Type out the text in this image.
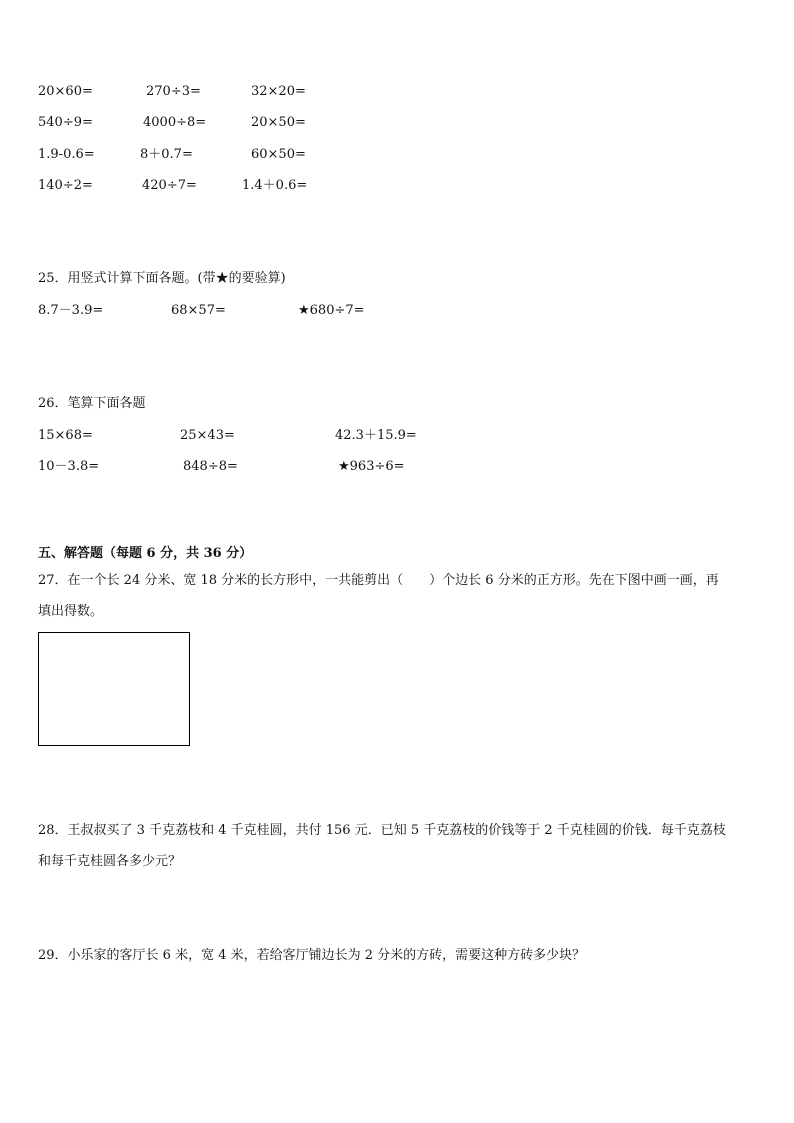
20×60=	270÷3=	32×20=
540÷9=	4000÷8=	20×50=
1.9-0.6=	8＋0.7=	60×50=
140÷2=	420÷7=	1.4＋0.6=
25．用竖式计算下面各题。(带★的要验算)
8.7－3.9=	68×57=	★680÷7=
26．笔算下面各题
15×68=	25×43=	42.3＋15.9=
10－3.8=	848÷8=	★963÷6=
五、解答题（每题 6 分，共 36 分）
27．在一个长 24 分米、宽 18 分米的长方形中，一共能剪出（　　）个边长 6 分米的正方形。先在下图中画一画，再
填出得数。
28．王叔叔买了 3 千克荔枝和 4 千克桂圆，共付 156 元．已知 5 千克荔枝的价钱等于 2 千克桂圆的价钱．每千克荔枝
和每千克桂圆各多少元？
29．小乐家的客厅长 6 米，宽 4 米，若给客厅铺边长为 2 分米的方砖，需要这种方砖多少块？
